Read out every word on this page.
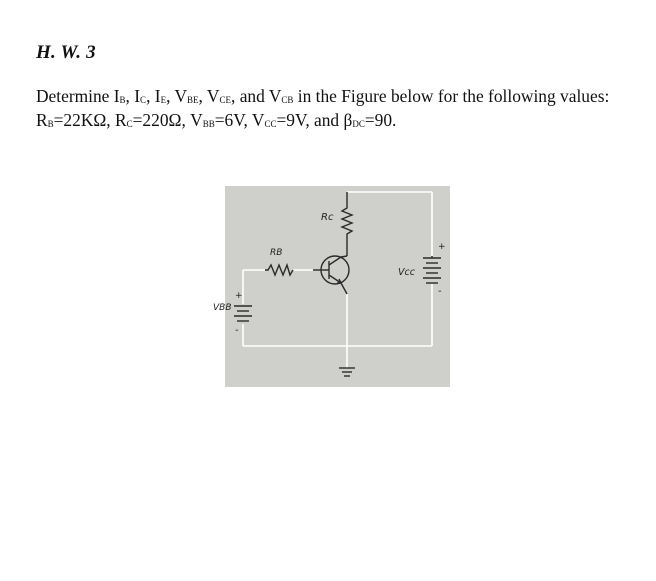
H. W. 3
Determine $I_B$, $I_C$, $I_E$, $V_{BE}$, $V_{CE}$, and $V_{CB}$ in the Figure below for the following values:
$R_B=22K\Omega$, $R_C=220\Omega$, $V_{BB}=6V$, $V_{CC}=9V$, and $\beta_{DC}=90$.
Rc
RB
Vcc
VBB
+
-
+
-
